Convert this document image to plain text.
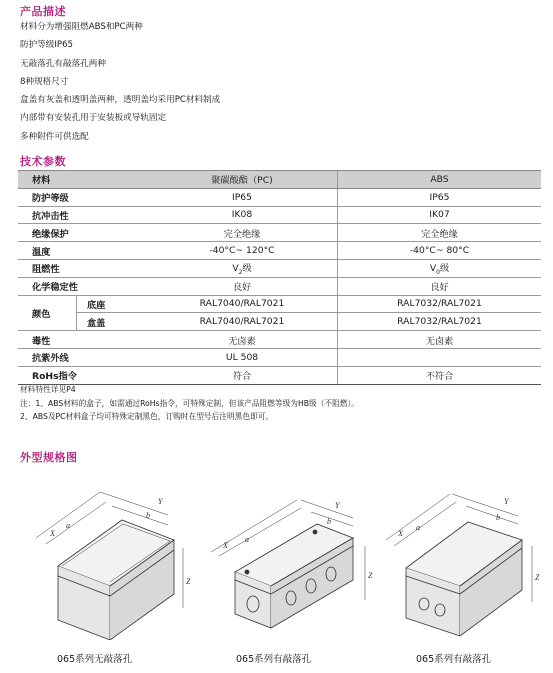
产品描述
材料分为增强阻燃ABS和PC两种
防护等级IP65
无敲落孔有敲落孔两种
8种规格尺寸
盒盖有灰盖和透明盖两种，透明盖均采用PC材料制成
内部带有安装孔用于安装板或导轨固定
多种附件可供选配
技术参数
材料		聚碳酸酯（PC)	ABS
防护等级		IP65	IP65
抗冲击性		IK08	IK07
绝缘保护		完全绝缘	完全绝缘
温度		-40°C~ 120°C	-40°C~ 80°C
阻燃性		$V_2$级	$V_0$级
化学稳定性		良好	良好
颜色	底座	RAL7040/RAL7021	RAL7032/RAL7021
	盒盖	RAL7040/RAL7021	RAL7032/RAL7021
毒性		无卤素	无卤素
抗紫外线		UL 508	
RoHs指令		符合	不符合
材料特性详见P4
注：1、ABS材料的盒子，如需通过RoHs指令，可特殊定制，但该产品阻燃等级为HB级（不阻燃）。
2、ABS及PC材料盒子均可特殊定制黑色，订购时在型号后注明黑色即可。
外型规格图
X
a
b
Y
Z
065系列无敲落孔
X
a
b
Y
Z
065系列有敲落孔
X
a
b
Y
Z
065系列有敲落孔
